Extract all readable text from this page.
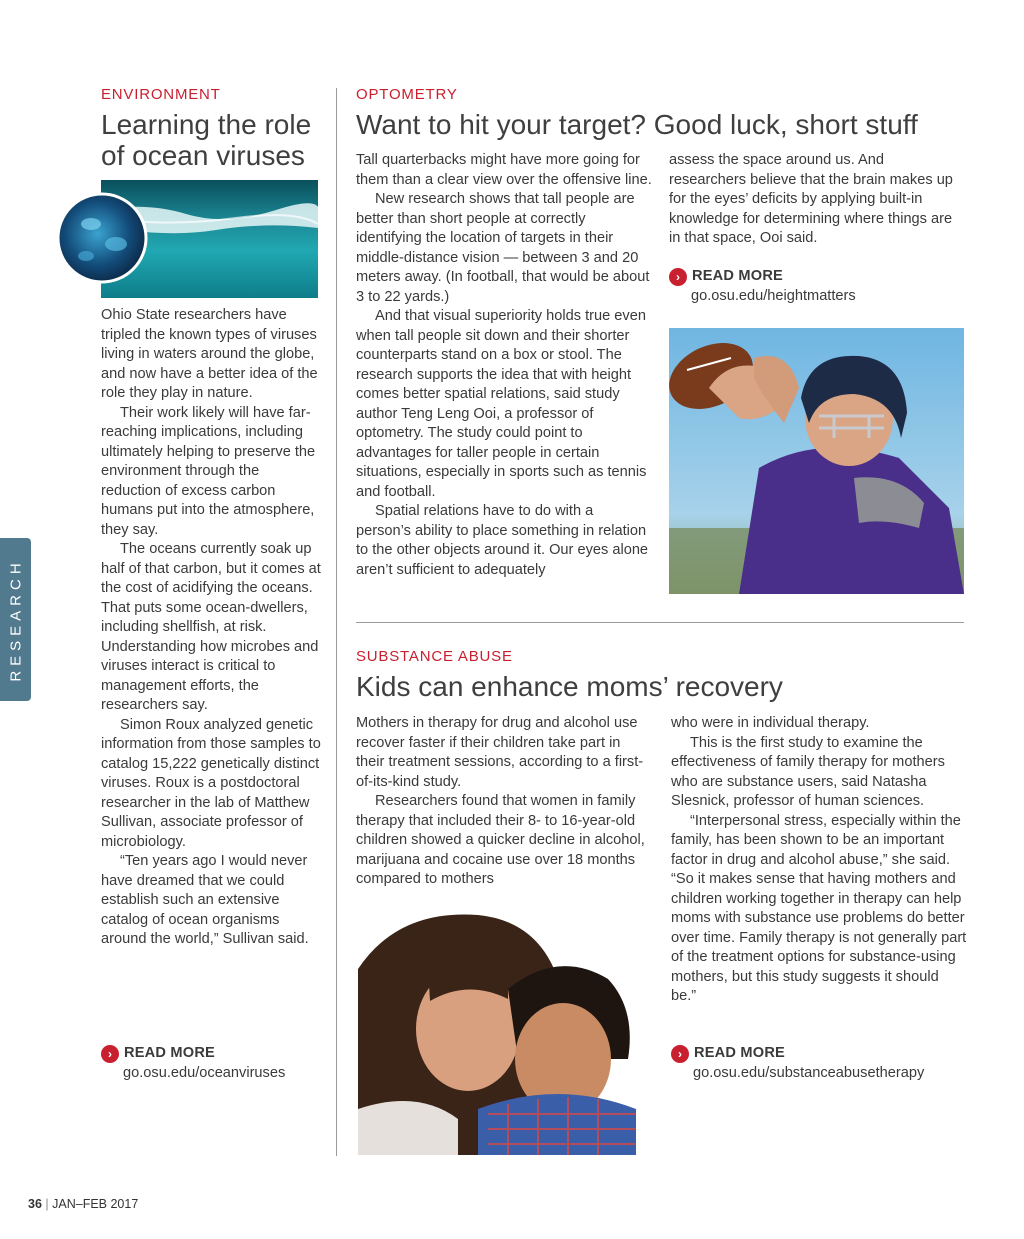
RESEARCH

ENVIRONMENT

Learning the role
of ocean viruses

Ohio State researchers have tripled the known types of viruses living in waters around the globe, and now have a better idea of the role they play in nature.

Their work likely will have far-reaching implications, including ultimately helping to preserve the environment through the reduction of excess carbon humans put into the atmosphere, they say.

The oceans currently soak up half of that carbon, but it comes at the cost of acidifying the oceans. That puts some ocean-dwellers, including shellfish, at risk. Understanding how microbes and viruses interact is critical to management efforts, the researchers say.

Simon Roux analyzed genetic information from those samples to catalog 15,222 genetically distinct viruses. Roux is a postdoctoral researcher in the lab of Matthew Sullivan, associate professor of microbiology.

“Ten years ago I would never have dreamed that we could establish such an extensive catalog of ocean organisms around the world,” Sullivan said.

› READ MORE
go.osu.edu/oceanviruses

OPTOMETRY

Want to hit your target? Good luck, short stuff

Tall quarterbacks might have more going for them than a clear view over the offensive line.

New research shows that tall people are better than short people at correctly identifying the location of targets in their middle-distance vision — between 3 and 20 meters away. (In football, that would be about 3 to 22 yards.)

And that visual superiority holds true even when tall people sit down and their shorter counterparts stand on a box or stool. The research supports the idea that with height comes better spatial relations, said study author Teng Leng Ooi, a professor of optometry. The study could point to advantages for taller people in certain situations, especially in sports such as tennis and football.

Spatial relations have to do with a person’s ability to place something in relation to the other objects around it. Our eyes alone aren’t sufficient to adequately

assess the space around us. And researchers believe that the brain makes up for the eyes’ deficits by applying built-in knowledge for determining where things are in that space, Ooi said.

› READ MORE
go.osu.edu/heightmatters

SUBSTANCE ABUSE

Kids can enhance moms’ recovery

Mothers in therapy for drug and alcohol use recover faster if their children take part in their treatment sessions, according to a first-of-its-kind study.

Researchers found that women in family therapy that included their 8- to 16-year-old children showed a quicker decline in alcohol, marijuana and cocaine use over 18 months compared to mothers

who were in individual therapy.

This is the first study to examine the effectiveness of family therapy for mothers who are substance users, said Natasha Slesnick, professor of human sciences.

“Interpersonal stress, especially within the family, has been shown to be an important factor in drug and alcohol abuse,” she said. “So it makes sense that having mothers and children working together in therapy can help moms with substance use problems do better over time. Family therapy is not generally part of the treatment options for substance-using mothers, but this study suggests it should be.”

› READ MORE
go.osu.edu/substanceabusetherapy
36 | JAN–FEB 2017
